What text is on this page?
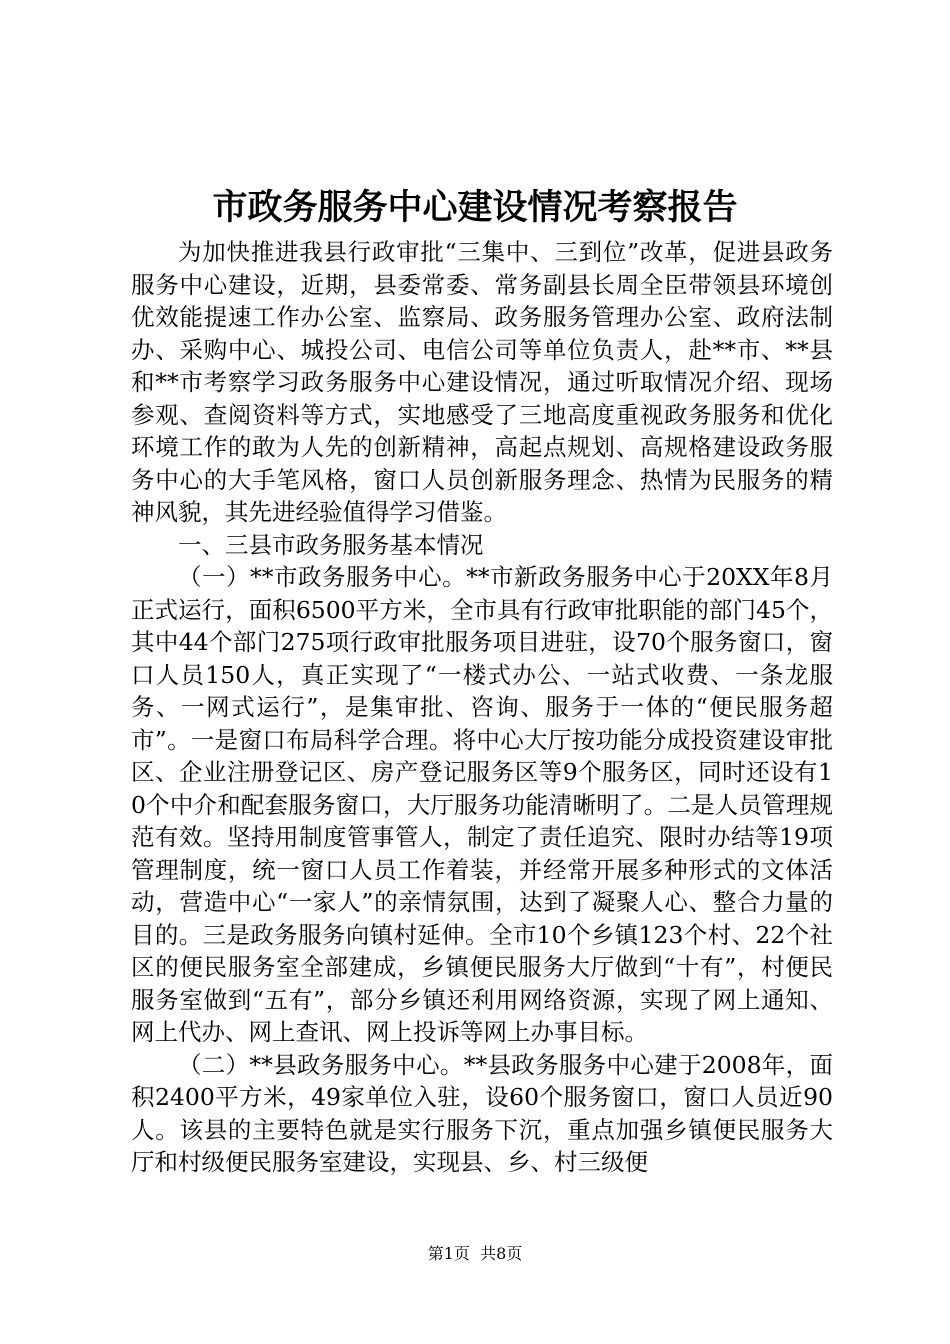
市政务服务中心建设情况考察报告

为加快推进我县行政审批“三集中、三到位”改革，促进县政务服务中心建设，近期，县委常委、常务副县长周全臣带领县环境创优效能提速工作办公室、监察局、政务服务管理办公室、政府法制办、采购中心、城投公司、电信公司等单位负责人，赴**市、**县和**市考察学习政务服务中心建设情况，通过听取情况介绍、现场参观、查阅资料等方式，实地感受了三地高度重视政务服务和优化环境工作的敢为人先的创新精神，高起点规划、高规格建设政务服务中心的大手笔风格，窗口人员创新服务理念、热情为民服务的精神风貌，其先进经验值得学习借鉴。

一、三县市政务服务基本情况

（一）**市政务服务中心。**市新政务服务中心于20XX年8月正式运行，面积6500平方米，全市具有行政审批职能的部门45个，其中44个部门275项行政审批服务项目进驻，设70个服务窗口，窗口人员150人，真正实现了“一楼式办公、一站式收费、一条龙服务、一网式运行”，是集审批、咨询、服务于一体的“便民服务超市”。一是窗口布局科学合理。将中心大厅按功能分成投资建设审批区、企业注册登记区、房产登记服务区等9个服务区，同时还设有10个中介和配套服务窗口，大厅服务功能清晰明了。二是人员管理规范有效。坚持用制度管事管人，制定了责任追究、限时办结等19项管理制度，统一窗口人员工作着装，并经常开展多种形式的文体活动，营造中心“一家人”的亲情氛围，达到了凝聚人心、整合力量的目的。三是政务服务向镇村延伸。全市10个乡镇123个村、22个社区的便民服务室全部建成，乡镇便民服务大厅做到“十有”，村便民服务室做到“五有”，部分乡镇还利用网络资源，实现了网上通知、网上代办、网上查讯、网上投诉等网上办事目标。

（二）**县政务服务中心。**县政务服务中心建于2008年，面积2400平方米，49家单位入驻，设60个服务窗口，窗口人员近90人。该县的主要特色就是实行服务下沉，重点加强乡镇便民服务大厅和村级便民服务室建设，实现县、乡、村三级便

第1页  共8页
